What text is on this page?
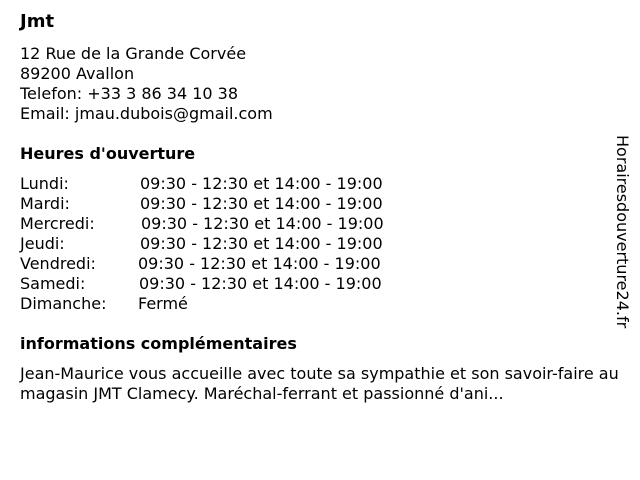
Jmt
12 Rue de la Grande Corvée
89200 Avallon
Telefon: +33 3 86 34 10 38
Email: jmau.dubois@gmail.com
Heures d'ouverture
Lundi:	09:30 - 12:30 et 14:00 - 19:00
Mardi:	09:30 - 12:30 et 14:00 - 19:00
Mercredi:	09:30 - 12:30 et 14:00 - 19:00
Jeudi:	09:30 - 12:30 et 14:00 - 19:00
Vendredi:	09:30 - 12:30 et 14:00 - 19:00
Samedi:	09:30 - 12:30 et 14:00 - 19:00
Dimanche: Fermé
informations complémentaires
Jean-Maurice vous accueille avec toute sa sympathie et son savoir-faire au magasin JMT Clamecy. Maréchal-ferrant et passionné d'ani...
Horairesdouverture24.fr
